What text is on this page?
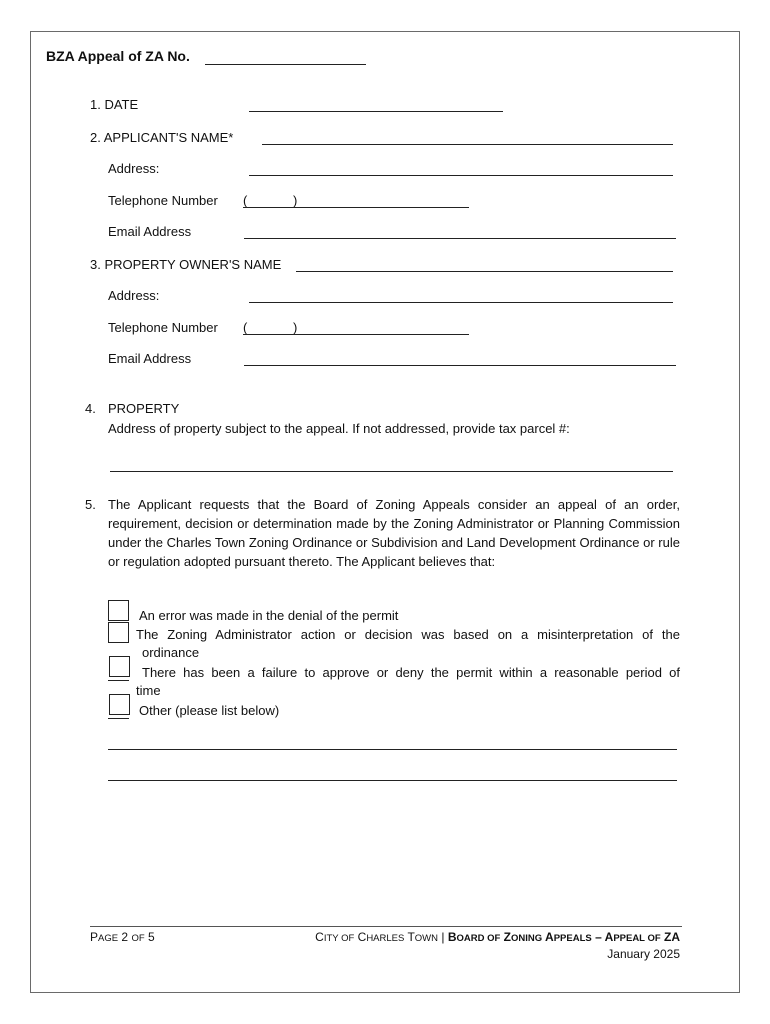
BZA Appeal of ZA No.
1. DATE
2. APPLICANT'S NAME*
Address:
Telephone Number (	)
Email Address
3. PROPERTY OWNER'S NAME
Address:
Telephone Number (	)
Email Address
4. PROPERTY
Address of property subject to the appeal. If not addressed, provide tax parcel #:
5. The Applicant requests that the Board of Zoning Appeals consider an appeal of an order, requirement, decision or determination made by the Zoning Administrator or Planning Commission under the Charles Town Zoning Ordinance or Subdivision and Land Development Ordinance or rule or regulation adopted pursuant thereto. The Applicant believes that:
An error was made in the denial of the permit
The Zoning Administrator action or decision was based on a misinterpretation of the
ordinance
There has been a failure to approve or deny the permit within a reasonable period of
time
Other (please list below)
PAGE 2 OF 5	CITY OF CHARLES TOWN | BOARD OF ZONING APPEALS – APPEAL OF ZA
January 2025
